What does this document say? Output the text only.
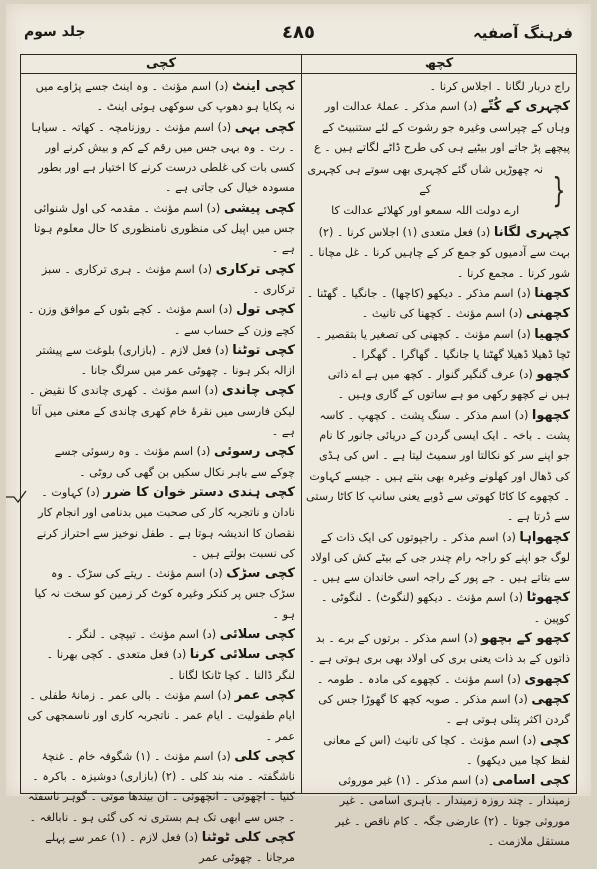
فرہنگ آصفیہ
٤٨٥
جلد سوم
کچھ
کچی

راج دربار لگانا ۔ اجلاس کرنا ۔

کچہری کے کُتّے (د) اسم مذکر ۔ عملۂ عدالت اور وہاں کے چپراسی وغیرہ جو رشوت کے لئے ستنبیٹ کے پیچھے پڑ جاتے اور بیٹیے ہی کی طرح ڈاٹے لگاتے ہیں ۔ ع

{

نہ چھوڑیں شاں گئے کچہری بھی سوتے ہی کچہری کے

ارے دولت اللہ سمعو اور کھلائے عدالت کا

کچہری لگانا (د) فعل متعدی (۱) اجلاس کرنا ۔ (۲) بہت سے آدمیوں کو جمع کر کے چاہیں کرنا ۔ غل مچانا ۔ شور کرنا ۔ مجمع کرنا ۔

کچھنا (د) اسم مذکر ۔ دیکھو (کاچھا) ۔ جانگیا ۔ گھٹنا ۔

کچھنی (د) اسم مؤنث ۔ کچھنا کی تانیث ۔

کچھیا (د) اسم مؤنث ۔ کچھنی کی تصغیر یا بتقصیر ۔ ٹچا ڈھیلا ڈھیلا گھٹنا یا جانگیا ۔ گھاگرا ۔ گھگرا ۔

کچھو (د) عرف گنگیر گنوار ۔ کچھ میں ہے اے ذاتی ہیں نے کچھو رکھی مو ہے ساتوں کے گاری وہیں ۔

کچھوا (د) اسم مذکر ۔ سنگ پشت ۔ کچھپ ۔ کاسہ پشت ۔ باخہ ۔ ایک ایسی گردن کے دریائی جانور کا نام جو اپنے سر کو نکالتا اور سمیٹ لیتا ہے ۔ اس کی ہڈی کی ڈھال اور کھلونے وغیرہ بھی بنتے ہیں ۔ جیسے کہاوت ۔ کچھوے کا کاٹا کھوتی سے ڈوبے یعنی سانپ کا کاٹا رستی سے ڈرتا ہے ۔

کچھواہا (د) اسم مذکر ۔ راجپوتوں کی ایک ذات کے لوگ جو اپنے کو راجہ رام چندر جی کے بیٹے کش کی اولاد سے بتاتے ہیں ۔ جے پور کے راجہ اسی خاندان سے ہیں ۔

کچھوٹا (د) اسم مؤنث ۔ دیکھو (لنگوٹ) ۔ لنگوٹی ۔ کوپین ۔

کچھو کے بچھو (د) اسم مذکر ۔ برتوں کے برے ۔ بد ذاتوں کے بد ذات یعنی بری کی اولاد بھی بری ہوتی ہے ۔

کچھوی (د) اسم مؤنث ۔ کچھوے کی مادہ ۔ طومہ ۔

کچھی (د) اسم مذکر ۔ صوبہ کچھ کا گھوڑا جس کی گردن اکثر پتلی ہوتی ہے ۔

کچی (د) اسم مؤنث ۔ کچا کی تانیث (اس کے معانی لفظ کچا میں دیکھو) ۔

کچی اسامی (د) اسم مذکر ۔ (۱) غیر موروثی زمیندار ۔ چند روزہ زمیندار ۔ باہری اسامی ۔ غیر موروثی جوتا ۔ (۲) عارضی جگہ ۔ کام ناقص ۔ غیر مستقل ملازمت ۔

کچی اینٹ (د) اسم مؤنث ۔ وہ اینٹ جسے پژاوے میں نہ پکایا ہو دھوپ کی سوکھی ہوئی اینٹ ۔

کچی بہی (د) اسم مؤنث ۔ روزنامچہ ۔ کھاتہ ۔ سیاہا ۔ رت ۔ وہ بہی جس میں رقم کے کم و بیش کرنے اور کسی بات کی غلطی درست کرنے کا اختیار ہے اور بطور مسودہ خیال کی جاتی ہے ۔

کچی پیشی (د) اسم مؤنث ۔ مقدمہ کی اول شنوائی جس میں اپیل کی منظوری نامنظوری کا حال معلوم ہوتا ہے ۔

کچی ترکاری (د) اسم مؤنث ۔ ہری ترکاری ۔ سبز ترکاری ۔

کچی تول (د) اسم مؤنث ۔ کچے بٹوں کے موافق وزن ۔ کچے وزن کے حساب سے ۔

کچی توٹنا (د) فعل لازم ۔ (بازاری) بلوغت سے پیشتر ازالہ بکر ہونا ۔ چھوٹی عمر میں سرلگ جانا ۔

کچی چاندی (د) اسم مؤنث ۔ کھری چاندی کا نقیض ۔ لیکن فارسی میں نقرۂ خام کھری چاندی کے معنی میں آتا ہے ۔

کچی رسوئی (د) اسم مؤنث ۔ وہ رسوئی جسے چوکے سے باہر نکال سکیں بن گھی کی روٹی ۔

کچی ہندی دستر خوان کا ضرر (د) کہاوت ۔ نادان و ناتجربہ کار کی صحبت میں بدنامی اور انجام کار نقصان کا اندیشہ ہوتا ہے ۔ طفل نوخیز سے احتراز کرنے کی نسبت بولتے ہیں ۔

کچی سڑک (د) اسم مؤنث ۔ ریتے کی سڑک ۔ وہ سڑک جس پر کنکر وغیرہ کوٹ کر زمین کو سخت نہ کیا ہو ۔

کچی سلائی (د) اسم مؤنث ۔ تیپچی ۔ لنگر ۔

کچی سلائی کرنا (د) فعل متعدی ۔ کچی بھرنا ۔ لنگر ڈالنا ۔ کچا ٹانکا لگانا ۔

کچی عمر (د) اسم مؤنث ۔ بالی عمر ۔ زمانۂ طفلی ۔ ایام طفولیت ۔ ایام عمر ۔ ناتجربہ کاری اور ناسمجھی کی عمر ۔

کچی کلی (د) اسم مؤنث ۔ (۱) شگوفہ خام ۔ غنچۂ ناشگفتہ ۔ منہ بند کلی ۔ (۲) (بازاری) دوشیزہ ۔ باکرہ ۔ کنیا ۔ اچھوتی ۔ انچھوئی ۔ ان بیندھا موتی ۔ گوہر ناسفتہ ۔ جس سے ابھی تک ہم بستری نہ کی گئی ہو ۔ نابالغہ ۔

کچی کلی ٹوٹنا (د) فعل لازم ۔ (۱) عمر سے پہلے مرجانا ۔ چھوٹی عمر
